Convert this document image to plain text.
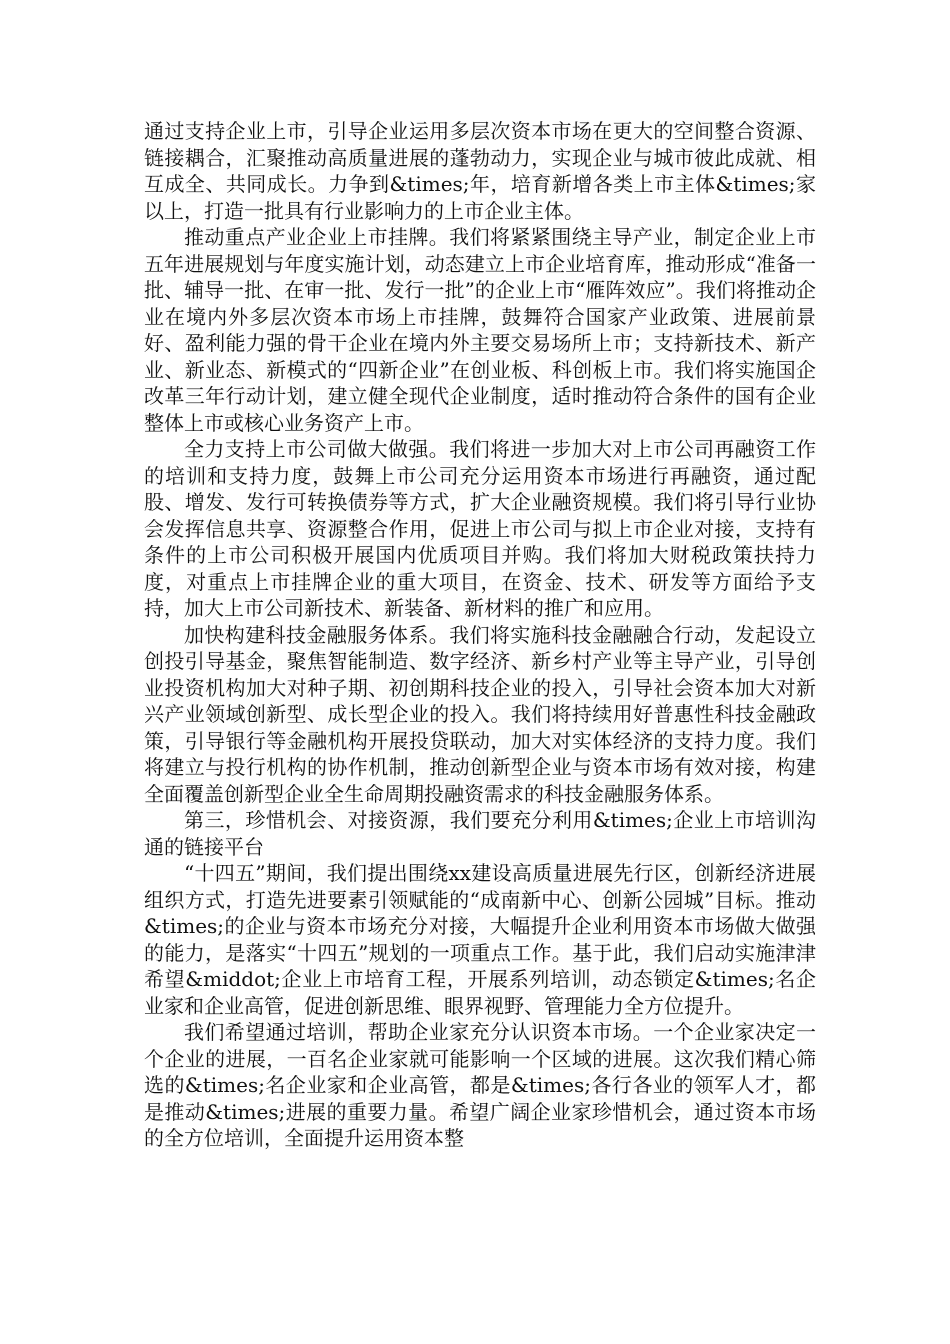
通过支持企业上市，引导企业运用多层次资本市场在更大的空间整合资源、链接耦合，汇聚推动高质量进展的蓬勃动力，实现企业与城市彼此成就、相互成全、共同成长。力争到&times;年，培育新增各类上市主体&times;家以上，打造一批具有行业影响力的上市企业主体。

推动重点产业企业上市挂牌。我们将紧紧围绕主导产业，制定企业上市五年进展规划与年度实施计划，动态建立上市企业培育库，推动形成“准备一批、辅导一批、在审一批、发行一批”的企业上市“雁阵效应”。我们将推动企业在境内外多层次资本市场上市挂牌，鼓舞符合国家产业政策、进展前景好、盈利能力强的骨干企业在境内外主要交易场所上市；支持新技术、新产业、新业态、新模式的“四新企业”在创业板、科创板上市。我们将实施国企改革三年行动计划，建立健全现代企业制度，适时推动符合条件的国有企业整体上市或核心业务资产上市。

全力支持上市公司做大做强。我们将进一步加大对上市公司再融资工作的培训和支持力度，鼓舞上市公司充分运用资本市场进行再融资，通过配股、增发、发行可转换债券等方式，扩大企业融资规模。我们将引导行业协会发挥信息共享、资源整合作用，促进上市公司与拟上市企业对接，支持有条件的上市公司积极开展国内优质项目并购。我们将加大财税政策扶持力度，对重点上市挂牌企业的重大项目，在资金、技术、研发等方面给予支持，加大上市公司新技术、新装备、新材料的推广和应用。

加快构建科技金融服务体系。我们将实施科技金融融合行动，发起设立创投引导基金，聚焦智能制造、数字经济、新乡村产业等主导产业，引导创业投资机构加大对种子期、初创期科技企业的投入，引导社会资本加大对新兴产业领域创新型、成长型企业的投入。我们将持续用好普惠性科技金融政策，引导银行等金融机构开展投贷联动，加大对实体经济的支持力度。我们将建立与投行机构的协作机制，推动创新型企业与资本市场有效对接，构建全面覆盖创新型企业全生命周期投融资需求的科技金融服务体系。

第三，珍惜机会、对接资源，我们要充分利用&times;企业上市培训沟通的链接平台

“十四五”期间，我们提出围绕xx建设高质量进展先行区，创新经济进展组织方式，打造先进要素引领赋能的“成南新中心、创新公园城”目标。推动&times;的企业与资本市场充分对接，大幅提升企业利用资本市场做大做强的能力，是落实“十四五”规划的一项重点工作。基于此，我们启动实施津津希望&middot;企业上市培育工程，开展系列培训，动态锁定&times;名企业家和企业高管，促进创新思维、眼界视野、管理能力全方位提升。

我们希望通过培训，帮助企业家充分认识资本市场。一个企业家决定一个企业的进展，一百名企业家就可能影响一个区域的进展。这次我们精心筛选的&times;名企业家和企业高管，都是&times;各行各业的领军人才，都是推动&times;进展的重要力量。希望广阔企业家珍惜机会，通过资本市场的全方位培训，全面提升运用资本整
